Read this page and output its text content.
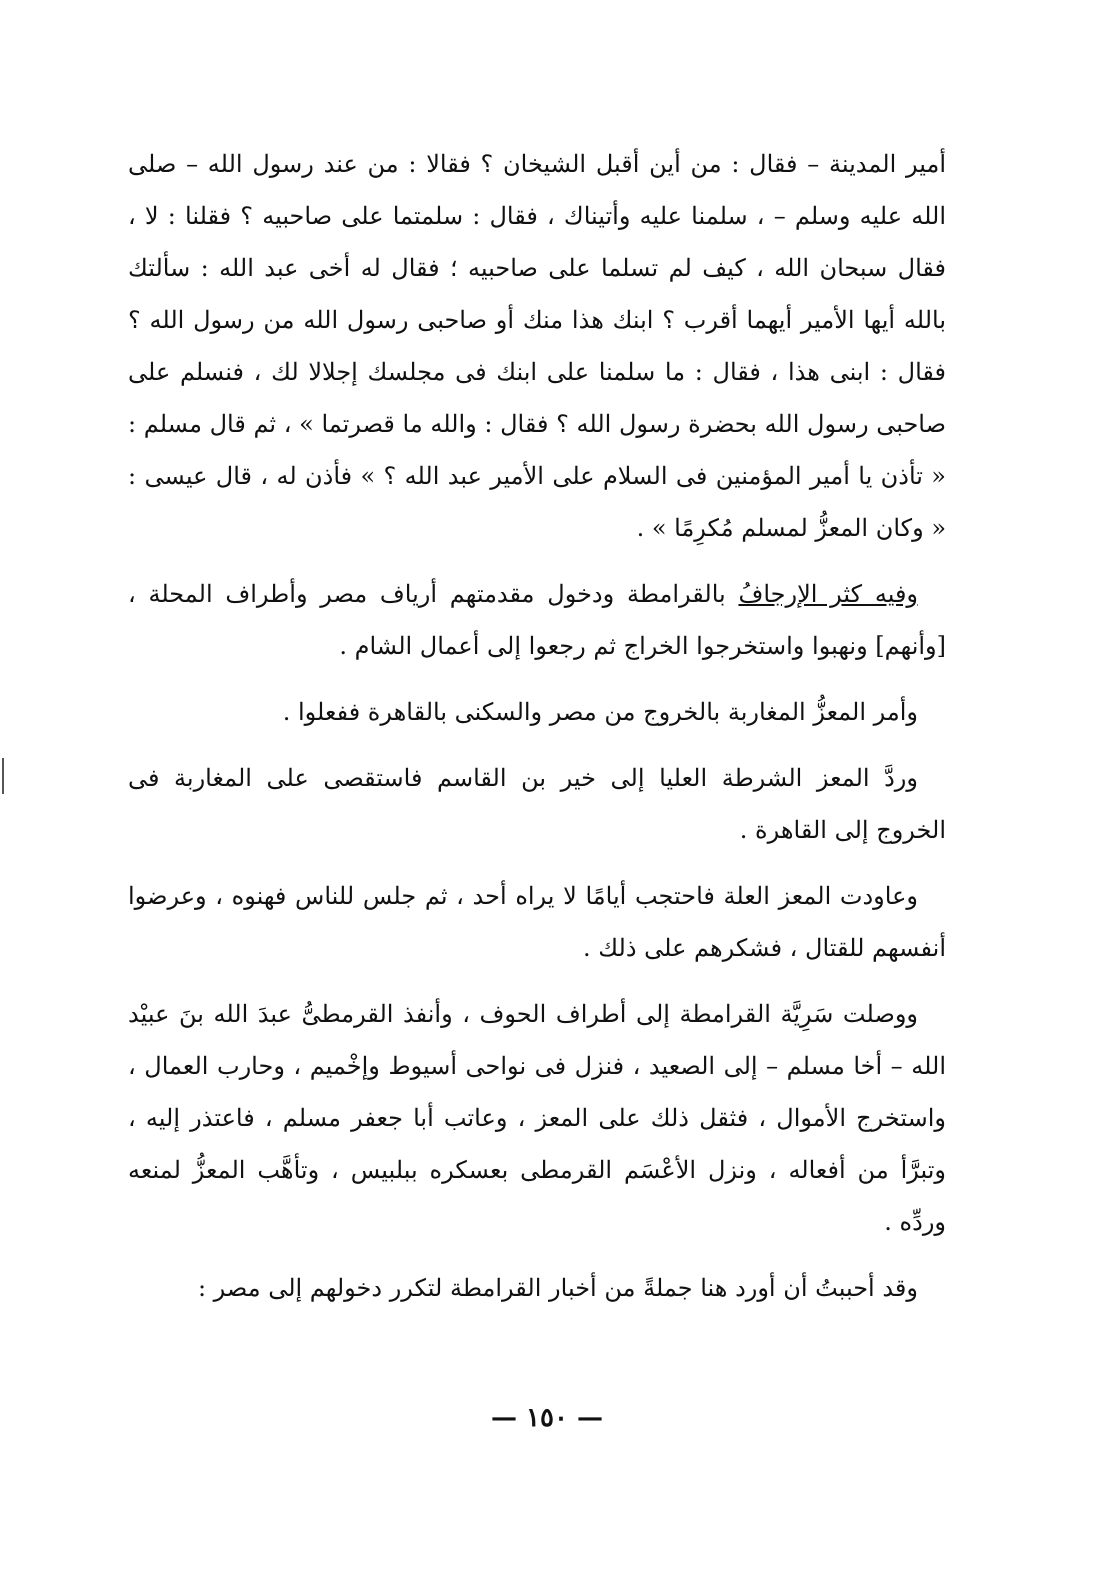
أمير المدينة – فقال : من أين أقبل الشيخان ؟ فقالا : من عند رسول الله – صلى الله عليه وسلم – ، سلمنا عليه وأتيناك ، فقال : سلمتما على صاحبيه ؟ فقلنا : لا ، فقال سبحان الله ، كيف لم تسلما على صاحبيه ؛ فقال له أخى عبد الله : سألتك بالله أيها الأمير أيهما أقرب ؟ ابنك هذا منك أو صاحبى رسول الله من رسول الله ؟ فقال : ابنى هذا ، فقال : ما سلمنا على ابنك فى مجلسك إجلالا لك ، فنسلم على صاحبى رسول الله بحضرة رسول الله ؟ فقال : والله ما قصرتما » ، ثم قال مسلم : « تأذن يا أمير المؤمنين فى السلام على الأمير عبد الله ؟ » فأذن له ، قال عيسى : « وكان المعزُّ لمسلم مُكرِمًا » .

وفيه كثر الإرجافُ بالقرامطة ودخول مقدمتهم أرياف مصر وأطراف المحلة ، [وأنهم] ونهبوا واستخرجوا الخراج ثم رجعوا إلى أعمال الشام .

وأمر المعزُّ المغاربة بالخروج من مصر والسكنى بالقاهرة ففعلوا .

وردَّ المعز الشرطة العليا إلى خير بن القاسم فاستقصى على المغاربة فى الخروج إلى القاهرة .

وعاودت المعز العلة فاحتجب أيامًا لا يراه أحد ، ثم جلس للناس فهنوه ، وعرضوا أنفسهم للقتال ، فشكرهم على ذلك .

ووصلت سَرِيَّة القرامطة إلى أطراف الحوف ، وأنفذ القرمطىُّ عبدَ الله بنَ عبيْد الله – أخا مسلم – إلى الصعيد ، فنزل فى نواحى أسيوط وإخْميم ، وحارب العمال ، واستخرج الأموال ، فثقل ذلك على المعز ، وعاتب أبا جعفر مسلم ، فاعتذر إليه ، وتبرَّأ من أفعاله ، ونزل الأعْسَم القرمطى بعسكره ببلبيس ، وتأهَّب المعزُّ لمنعه وردِّه .

وقد أحببتُ أن أورد هنا جملةً من أخبار القرامطة لتكرر دخولهم إلى مصر :

— ١٥٠ —
